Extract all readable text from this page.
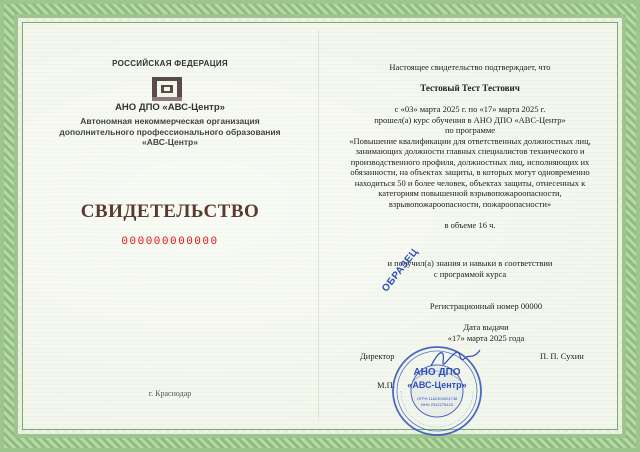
РОССИЙСКАЯ ФЕДЕРАЦИЯ
АНО ДПО «АВС-Центр»
Автономная некоммерческая организация
дополнительного профессионального образования
«АВС-Центр»
СВИДЕТЕЛЬСТВО
000000000000
г. Краснодар
Настоящее свидетельство подтверждает, что
Тестовый Тест Тестович
с «03» марта 2025 г. по «17» марта 2025 г.
прошел(а) курс обучения в АНО ДПО «АВС-Центр»
по программе
«Повышение квалификации для ответственных должностных лиц,
занимающих должности главных специалистов технического и
производственного профиля, должностных лиц, исполняющих их
обязанности, на объектах защиты, в которых могут одновременно
находиться 50 и более человек, объектах защиты, отнесенных к
категориям повышенной взрывопожароопасности,
взрывопожароопасности, пожароопасности»
в объеме 16 ч.
и получил(а) знания и навыки в соответствии
с программой курса
ОБРАЗЕЦ
Регистрационный номер 00000
Дата выдачи
«17» марта 2025 года
Директор	П. П. Сухин
М.П.
АНО ДПО
«АВС-Центр»
ОГРН 1162300004738
ИНН 2312276123
